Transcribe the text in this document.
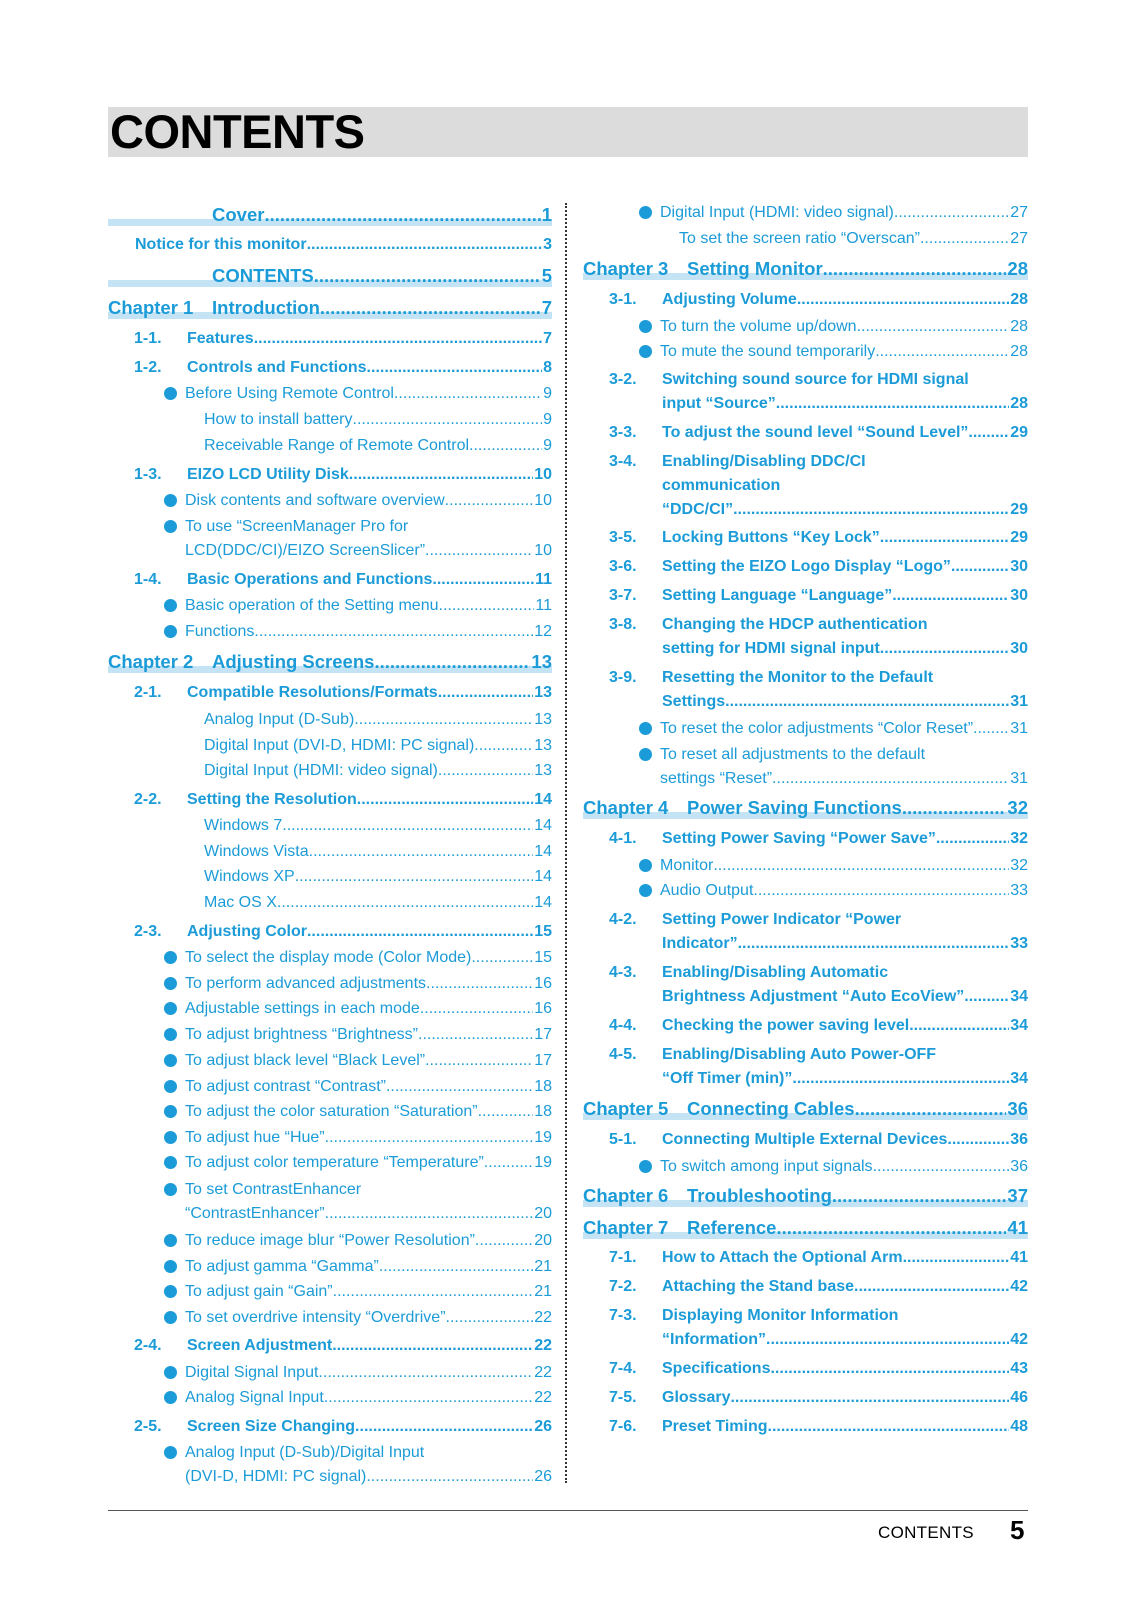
CONTENTS
Cover .....	1
Notice for this monitor .....	3
CONTENTS .....	5
Chapter 1	Introduction .....	7
1-1.	Features .....	7
1-2.	Controls and Functions .....	8
Before Using Remote Control .....	9
How to install battery .....	9
Receivable Range of Remote Control .....	9
1-3.	EIZO LCD Utility Disk .....	10
Disk contents and software overview .....	10
To use “ScreenManager Pro for
LCD(DDC/CI)/EIZO ScreenSlicer” .....	10
1-4.	Basic Operations and Functions .....	11
Basic operation of the Setting menu .....	11
Functions .....	12
Chapter 2	Adjusting Screens .....	13
2-1.	Compatible Resolutions/Formats .....	13
Analog Input (D-Sub) .....	13
Digital Input (DVI-D, HDMI: PC signal) .....	13
Digital Input (HDMI: video signal) .....	13
2-2.	Setting the Resolution .....	14
Windows 7 .....	14
Windows Vista .....	14
Windows XP .....	14
Mac OS X .....	14
2-3.	Adjusting Color .....	15
To select the display mode (Color Mode) .....	15
To perform advanced adjustments .....	16
Adjustable settings in each mode .....	16
To adjust brightness “Brightness” .....	17
To adjust black level “Black Level” .....	17
To adjust contrast “Contrast” .....	18
To adjust the color saturation “Saturation” .....	18
To adjust hue “Hue” .....	19
To adjust color temperature “Temperature” .....	19
To set ContrastEnhancer
“ContrastEnhancer” .....	20
To reduce image blur “Power Resolution” .....	20
To adjust gamma “Gamma” .....	21
To adjust gain “Gain” .....	21
To set overdrive intensity “Overdrive” .....	22
2-4.	Screen Adjustment .....	22
Digital Signal Input .....	22
Analog Signal Input .....	22
2-5.	Screen Size Changing .....	26
Analog Input (D-Sub)/Digital Input
(DVI-D, HDMI: PC signal) .....	26
Digital Input (HDMI: video signal) .....	27
To set the screen ratio “Overscan” .....	27
Chapter 3	Setting Monitor .....	28
3-1.	Adjusting Volume .....	28
To turn the volume up/down .....	28
To mute the sound temporarily .....	28
3-2.	Switching sound source for HDMI signal
input “Source” .....	28
3-3.	To adjust the sound level “Sound Level” .....	29
3-4.	Enabling/Disabling DDC/CI
communication
“DDC/CI” .....	29
3-5.	Locking Buttons “Key Lock” .....	29
3-6.	Setting the EIZO Logo Display “Logo” .....	30
3-7.	Setting Language “Language” .....	30
3-8.	Changing the HDCP authentication
setting for HDMI signal input .....	30
3-9.	Resetting the Monitor to the Default
Settings .....	31
To reset the color adjustments “Color Reset” ..... 31
To reset all adjustments to the default
settings “Reset” .....	31
Chapter 4	Power Saving Functions .....	32
4-1.	Setting Power Saving “Power Save” .....	32
Monitor .....	32
Audio Output .....	33
4-2.	Setting Power Indicator “Power
Indicator” .....	33
4-3.	Enabling/Disabling Automatic
Brightness Adjustment “Auto EcoView” .....	34
4-4.	Checking the power saving level .....	34
4-5.	Enabling/Disabling Auto Power-OFF
“Off Timer (min)” .....	34
Chapter 5	Connecting Cables .....	36
5-1.	Connecting Multiple External Devices .....	36
To switch among input signals .....	36
Chapter 6	Troubleshooting .....	37
Chapter 7	Reference .....	41
7-1.	How to Attach the Optional Arm .....	41
7-2.	Attaching the Stand base .....	42
7-3.	Displaying Monitor Information
“Information” .....	42
7-4.	Specifications .....	43
7-5.	Glossary .....	46
7-6.	Preset Timing .....	48
CONTENTS 5
